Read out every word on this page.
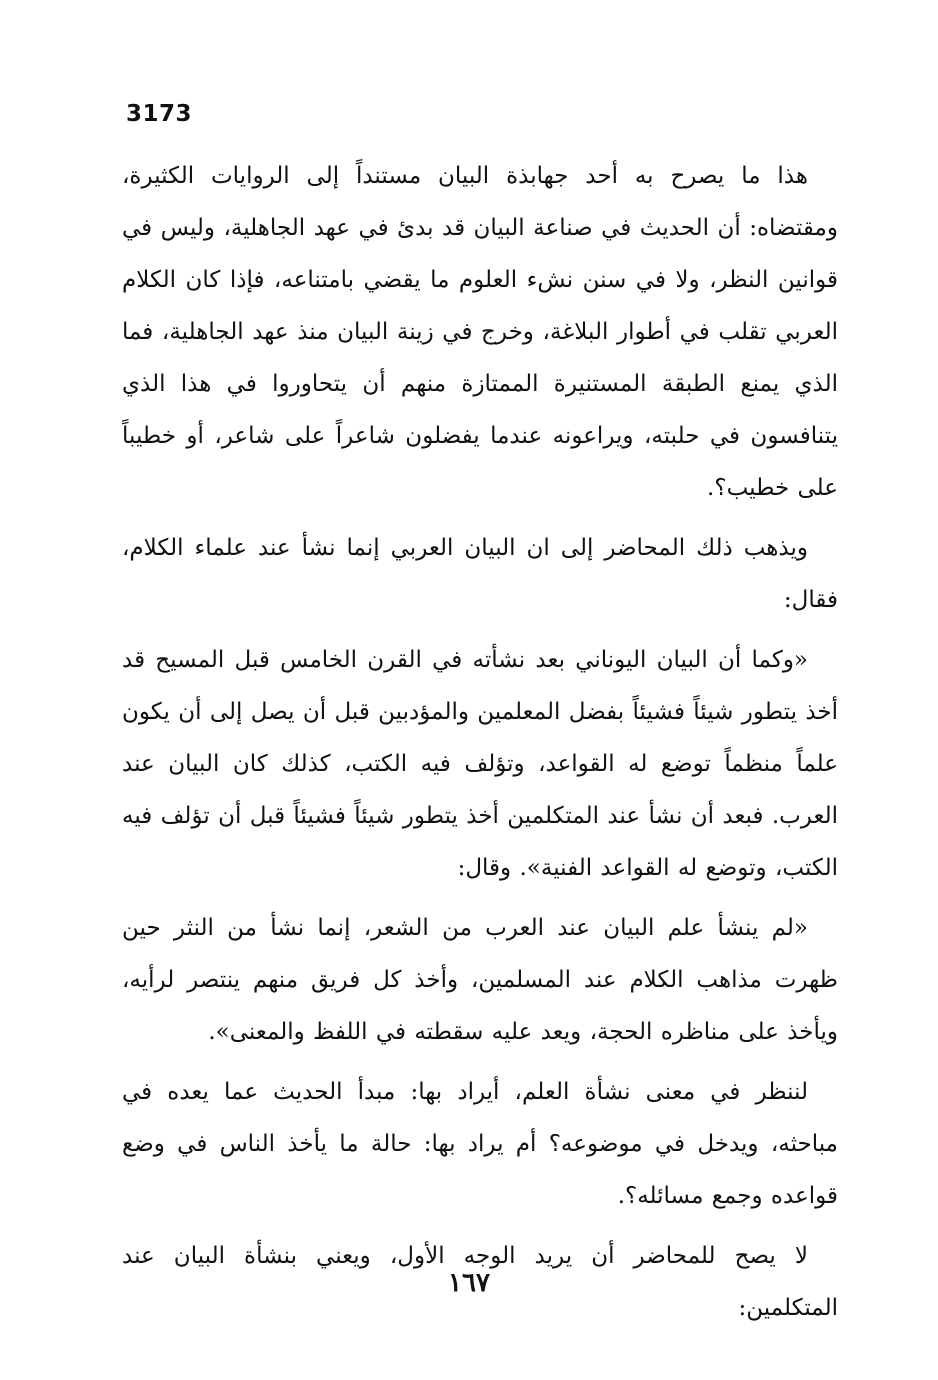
3173

هذا ما يصرح به أحد جهابذة البيان مستنداً إلى الروايات الكثيرة، ومقتضاه: أن الحديث في صناعة البيان قد بدئ في عهد الجاهلية، وليس في قوانين النظر، ولا في سنن نشء العلوم ما يقضي بامتناعه، فإذا كان الكلام العربي تقلب في أطوار البلاغة، وخرج في زينة البيان منذ عهد الجاهلية، فما الذي يمنع الطبقة المستنيرة الممتازة منهم أن يتحاوروا في هذا الذي يتنافسون في حلبته، ويراعونه عندما يفضلون شاعراً على شاعر، أو خطيباً على خطيب؟.

ويذهب ذلك المحاضر إلى ان البيان العربي إنما نشأ عند علماء الكلام، فقال:

«وكما أن البيان اليوناني بعد نشأته في القرن الخامس قبل المسيح قد أخذ يتطور شيئاً فشيئاً بفضل المعلمين والمؤدبين قبل أن يصل إلى أن يكون علماً منظماً توضع له القواعد، وتؤلف فيه الكتب، كذلك كان البيان عند العرب. فبعد أن نشأ عند المتكلمين أخذ يتطور شيئاً فشيئاً قبل أن تؤلف فيه الكتب، وتوضع له القواعد الفنية». وقال:

«لم ينشأ علم البيان عند العرب من الشعر، إنما نشأ من النثر حين ظهرت مذاهب الكلام عند المسلمين، وأخذ كل فريق منهم ينتصر لرأيه، ويأخذ على مناظره الحجة، ويعد عليه سقطته في اللفظ والمعنى».

لننظر في معنى نشأة العلم، أيراد بها: مبدأ الحديث عما يعده في مباحثه، ويدخل في موضوعه؟ أم يراد بها: حالة ما يأخذ الناس في وضع قواعده وجمع مسائله؟.

لا يصح للمحاضر أن يريد الوجه الأول، ويعني بنشأة البيان عند المتكلمين:

١٦٧
